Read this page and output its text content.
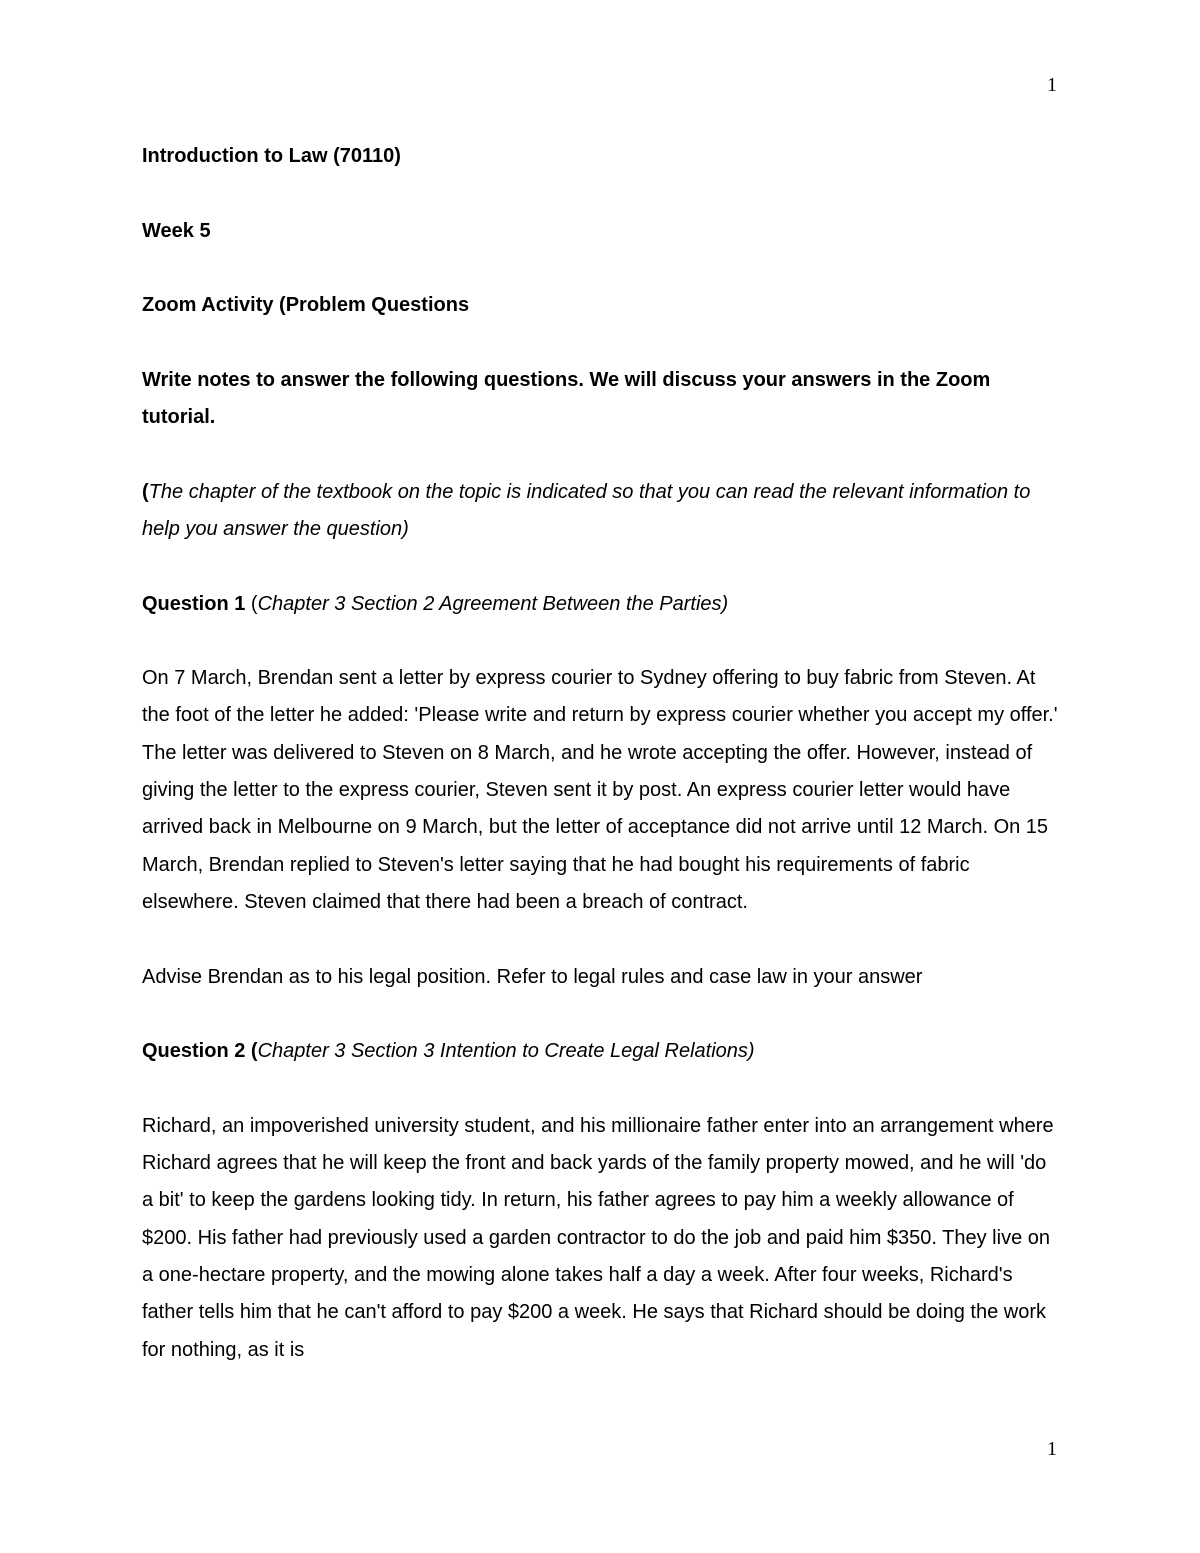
1

Introduction to Law (70110)

Week 5

Zoom Activity (Problem Questions

Write notes to answer the following questions. We will discuss your answers in the Zoom tutorial.

(The chapter of the textbook on the topic is indicated so that you can read the relevant information to help you answer the question)

Question 1 (Chapter 3 Section 2 Agreement Between the Parties)

On 7 March, Brendan sent a letter by express courier to Sydney offering to buy fabric from Steven. At the foot of the letter he added: 'Please write and return by express courier whether you accept my offer.' The letter was delivered to Steven on 8 March, and he wrote accepting the offer. However, instead of giving the letter to the express courier, Steven sent it by post. An express courier letter would have arrived back in Melbourne on 9 March, but the letter of acceptance did not arrive until 12 March. On 15 March, Brendan replied to Steven's letter saying that he had bought his requirements of fabric elsewhere. Steven claimed that there had been a breach of contract.

Advise Brendan as to his legal position. Refer to legal rules and case law in your answer

Question 2 (Chapter 3 Section 3 Intention to Create Legal Relations)

Richard, an impoverished university student, and his millionaire father enter into an arrangement where Richard agrees that he will keep the front and back yards of the family property mowed, and he will 'do a bit' to keep the gardens looking tidy. In return, his father agrees to pay him a weekly allowance of $200. His father had previously used a garden contractor to do the job and paid him $350. They live on a one-hectare property, and the mowing alone takes half a day a week. After four weeks, Richard's father tells him that he can't afford to pay $200 a week. He says that Richard should be doing the work for nothing, as it is

1
